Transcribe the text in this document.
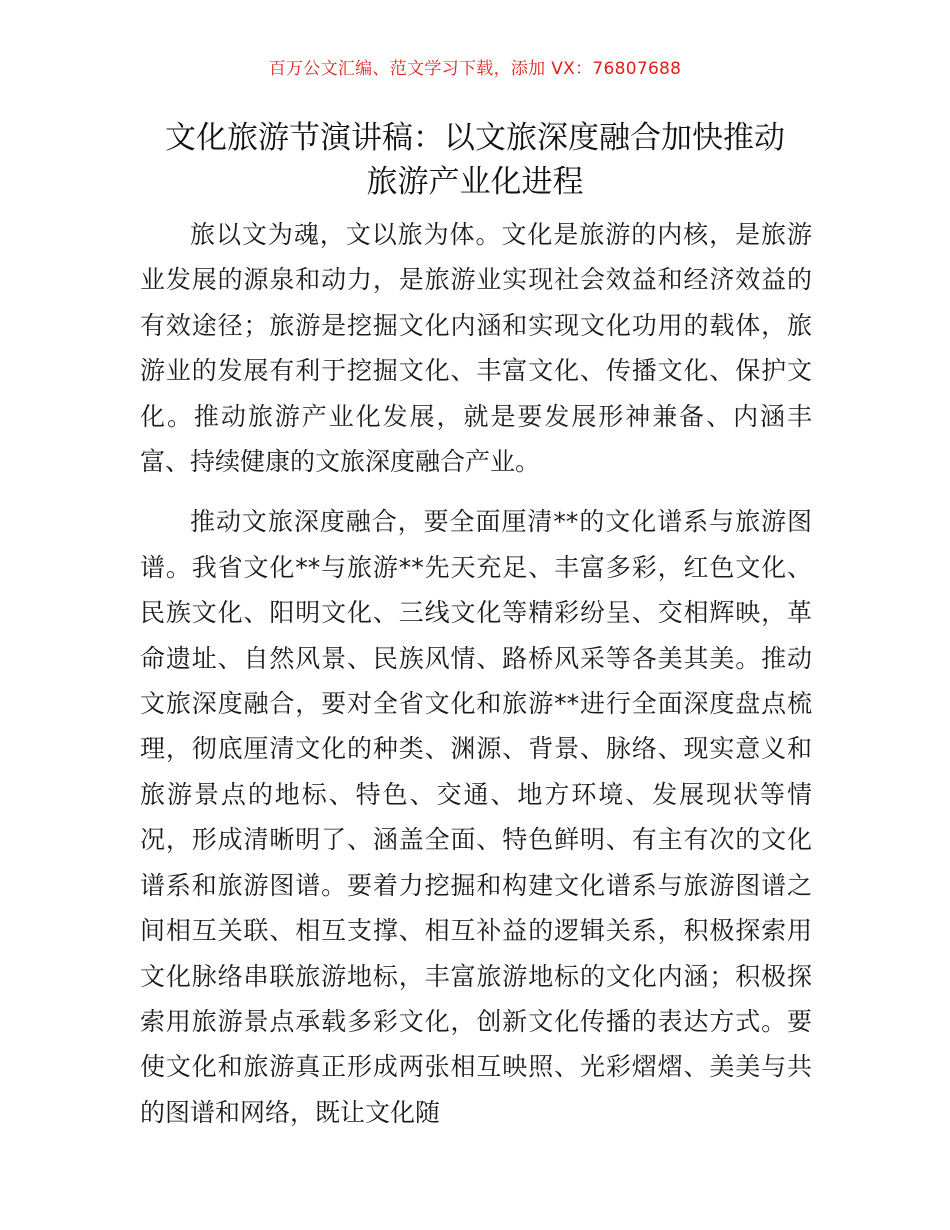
百万公文汇编、范文学习下载，添加 VX：76807688
文化旅游节演讲稿：以文旅深度融合加快推动
旅游产业化进程

旅以文为魂，文以旅为体。文化是旅游的内核，是旅游业发展的源泉和动力，是旅游业实现社会效益和经济效益的有效途径；旅游是挖掘文化内涵和实现文化功用的载体，旅游业的发展有利于挖掘文化、丰富文化、传播文化、保护文化。推动旅游产业化发展，就是要发展形神兼备、内涵丰富、持续健康的文旅深度融合产业。

推动文旅深度融合，要全面厘清**的文化谱系与旅游图谱。我省文化**与旅游**先天充足、丰富多彩，红色文化、民族文化、阳明文化、三线文化等精彩纷呈、交相辉映，革命遗址、自然风景、民族风情、路桥风采等各美其美。推动文旅深度融合，要对全省文化和旅游**进行全面深度盘点梳理，彻底厘清文化的种类、渊源、背景、脉络、现实意义和旅游景点的地标、特色、交通、地方环境、发展现状等情况，形成清晰明了、涵盖全面、特色鲜明、有主有次的文化谱系和旅游图谱。要着力挖掘和构建文化谱系与旅游图谱之间相互关联、相互支撑、相互补益的逻辑关系，积极探索用文化脉络串联旅游地标，丰富旅游地标的文化内涵；积极探索用旅游景点承载多彩文化，创新文化传播的表达方式。要使文化和旅游真正形成两张相互映照、光彩熠熠、美美与共的图谱和网络，既让文化随
